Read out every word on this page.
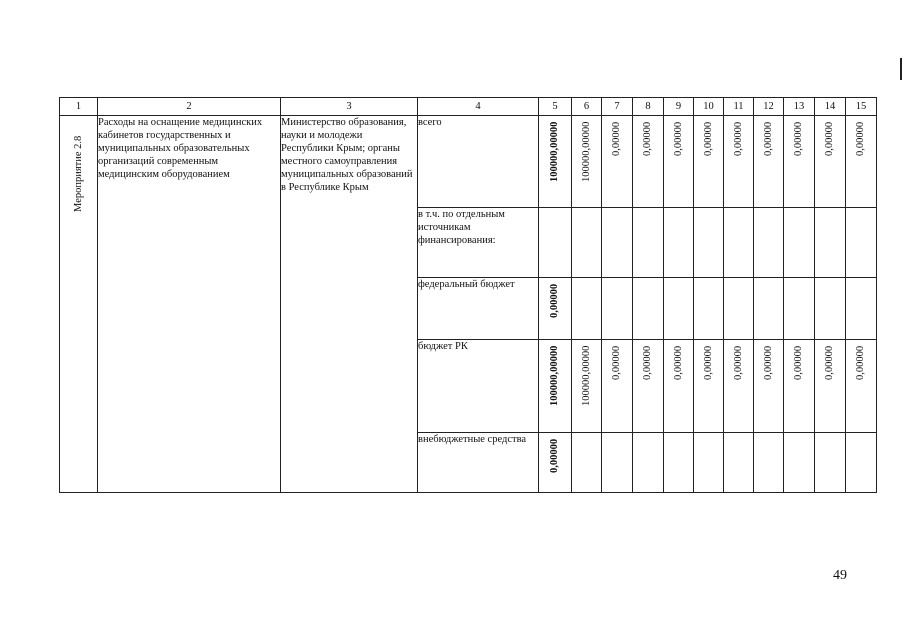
1	2	3	4	5	6	7	8	9	10	11	12	13	14	15

Мероприятие 2.8	Расходы на оснащение медицинских кабинетов государственных и муниципальных образовательных организаций современным медицинским оборудованием	Министерство образования, науки и молодежи Республики Крым; органы местного самоуправления муниципальных образований в Республике Крым	всего	100000,00000	100000,00000	0,00000	0,00000	0,00000	0,00000	0,00000	0,00000	0,00000	0,00000	0,00000

			в т.ч. по отдельным источникам финансирования:											
			федеральный бюджет	0,00000										

			бюджет РК	100000,00000	100000,00000	0,00000	0,00000	0,00000	0,00000	0,00000	0,00000	0,00000	0,00000	0,00000

			внебюджетные средства	0,00000										

49
